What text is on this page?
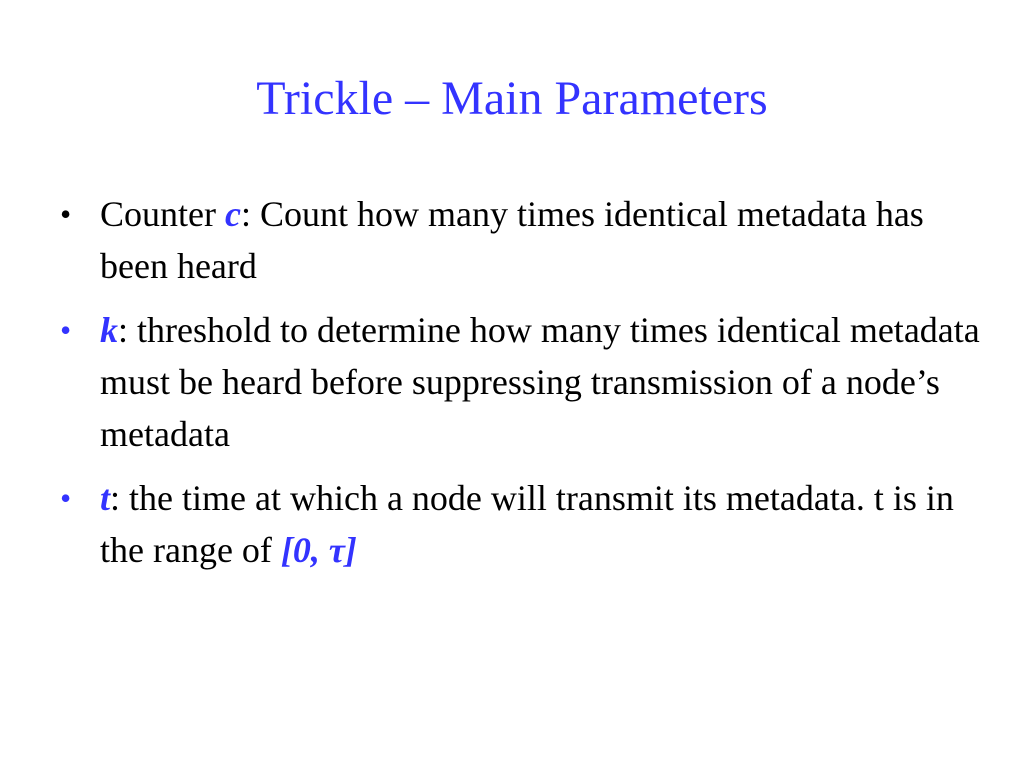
Trickle – Main Parameters
• Counter c: Count how many times identical metadata has been heard
• k: threshold to determine how many times identical metadata must be heard before suppressing transmission of a node’s metadata
• t: the time at which a node will transmit its metadata. t is in the range of [0, τ]
